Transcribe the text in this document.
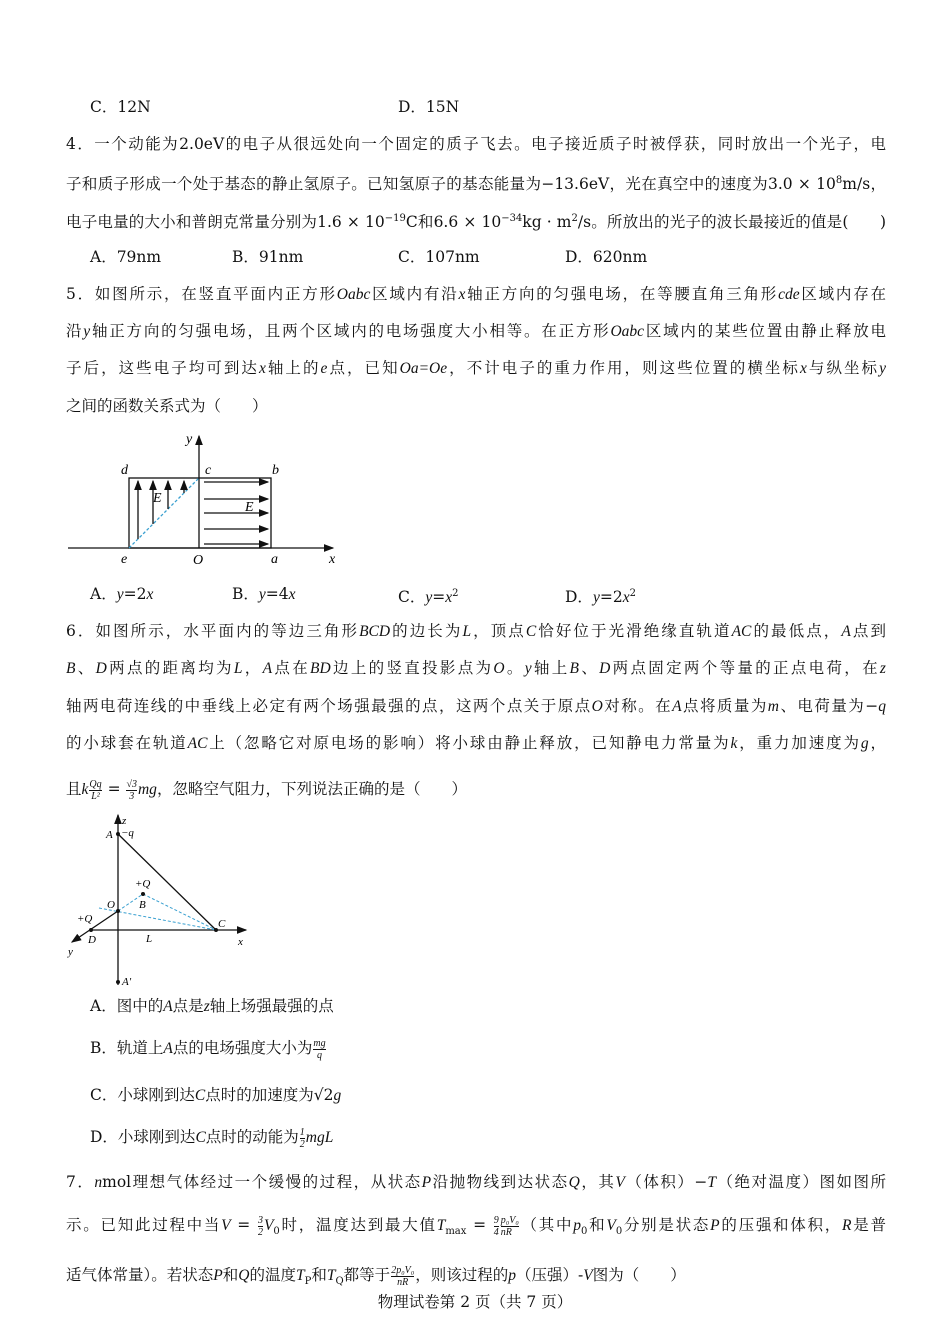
C．12N	D．15N
4．一个动能为2.0eV的电子从很远处向一个固定的质子飞去。电子接近质子时被俘获，同时放出一个光子，电
子和质子形成一个处于基态的静止氢原子。已知氢原子的基态能量为−13.6eV，光在真空中的速度为$3.0 \times 10^8m/s$，
电子电量的大小和普朗克常量分别为$1.6 \times 10^{-19}C$和$6.6 \times 10^{-34}kg \cdot m^2/s$。所放出的光子的波长最接近的值是(　　)
A．79nm	B．91nm	C．107nm	D．620nm
5．如图所示，在竖直平面内正方形Oabc区域内有沿x轴正方向的匀强电场，在等腰直角三角形cde区域内存在
沿y轴正方向的匀强电场，且两个区域内的电场强度大小相等。在正方形Oabc区域内的某些位置由静止释放电
子后，这些电子均可到达x轴上的e点，已知Oa=Oe，不计电子的重力作用，则这些位置的横坐标x与纵坐标y
之间的函数关系式为（　　）
d	c	b
e	O	a	x
y
E
E
z
A −q
+Q
B
O
+Q	C
D	L	x
y
A′
A．y=2x	B．y=4x	C．$y=x^2$	D．$y=2x^2$
6．如图所示，水平面内的等边三角形BCD的边长为L，顶点C恰好位于光滑绝缘直轨道AC的最低点，A点到
B、D两点的距离均为L，A点在BD边上的竖直投影点为O。y轴上B、D两点固定两个等量的正点电荷，在z
轴两电荷连线的中垂线上必定有两个场强最强的点，这两个点关于原点O对称。在A点将质量为m、电荷量为−q
的小球套在轨道AC上（忽略它对原电场的影响）将小球由静止释放，已知静电力常量为k，重力加速度为g，
且k $\frac{Qq}{\text{L²}} = \frac{√3}{3}$ mg，忽略空气阻力，下列说法正确的是（　　）
A．图中的A点是z轴上场强最强的点
B．轨道上A点的电场强度大小为 $\frac{mg}{q}$
C．小球刚到达C点时的加速度为√2g
D．小球刚到达C点时的动能为 $\frac{1}{2}$ mgL
7．nmol理想气体经过一个缓慢的过程，从状态P沿抛物线到达状态Q，其V（体积）−T（绝对温度）图如图所
示。已知此过程中当$V = \frac{3}{2} V_0$时，温度达到最大值$T_{max} = \frac{9}{4} \frac{\text{p₀V₀}}{nR}$ （其中$p_0$和$V_0$分别是状态P的压强和体积，R是普
适气体常量）。若状态P和Q的温度$T_P$和$T_Q$都等于 $\frac{\text{2p₀V₀}}{nR}$ ，则该过程的p（压强）-V图为（　　）
物理试卷第 2 页（共 7 页）
